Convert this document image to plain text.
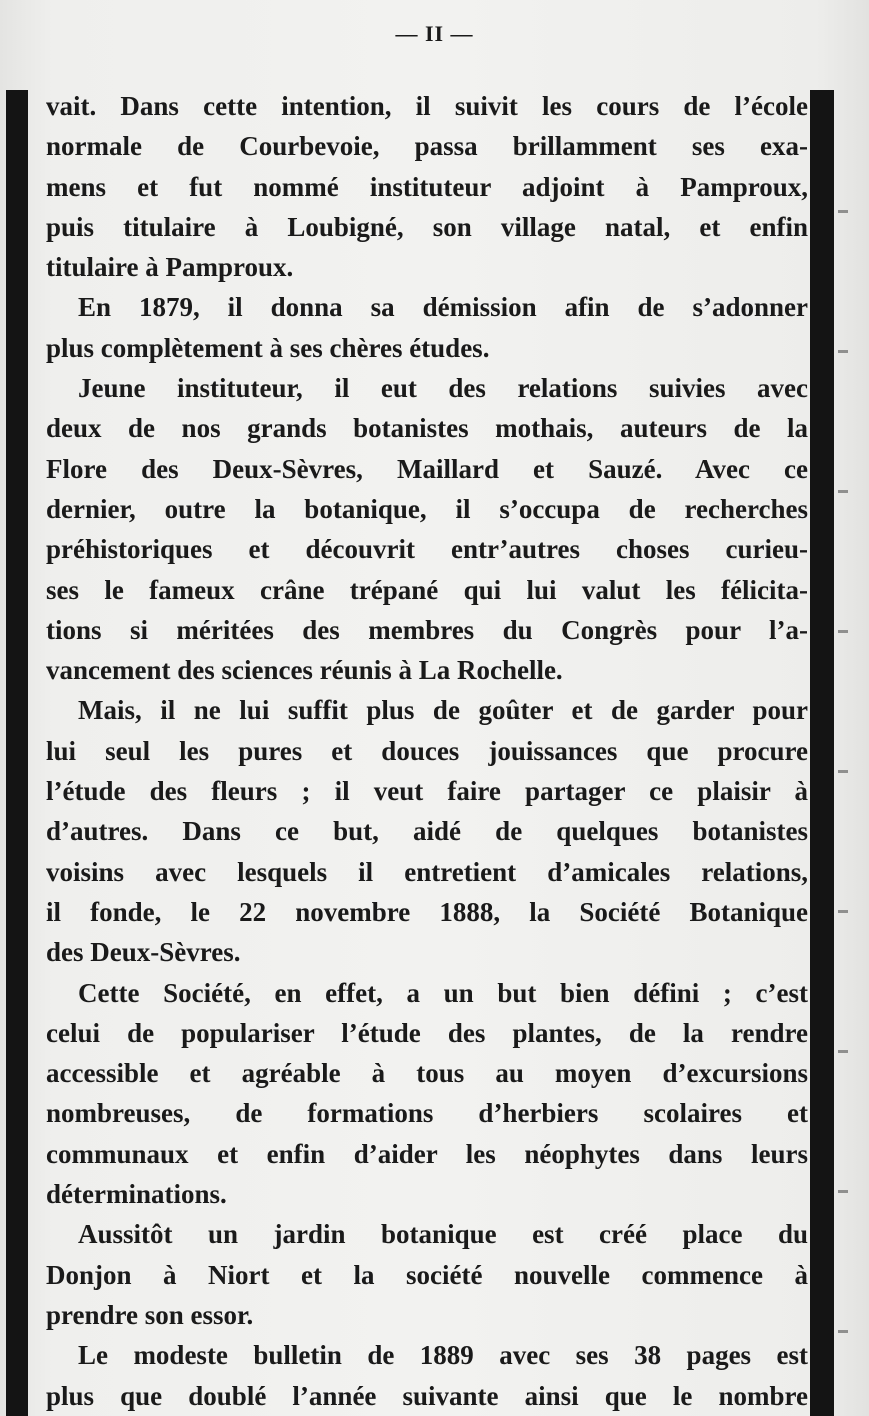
— II —
vait. Dans cette intention, il suivit les cours de l’école
normale de Courbevoie, passa brillamment ses exa-
mens et fut nommé instituteur adjoint à Pamproux,
puis titulaire à Loubigné, son village natal, et enfin
titulaire à Pamproux.
En 1879, il donna sa démission afin de s’adonner
plus complètement à ses chères études.
Jeune instituteur, il eut des relations suivies avec
deux de nos grands botanistes mothais, auteurs de la
Flore des Deux-Sèvres, Maillard et Sauzé. Avec ce
dernier, outre la botanique, il s’occupa de recherches
préhistoriques et découvrit entr’autres choses curieu-
ses le fameux crâne trépané qui lui valut les félicita-
tions si méritées des membres du Congrès pour l’a-
vancement des sciences réunis à La Rochelle.
Mais, il ne lui suffit plus de goûter et de garder pour
lui seul les pures et douces jouissances que procure
l’étude des fleurs ; il veut faire partager ce plaisir à
d’autres. Dans ce but, aidé de quelques botanistes
voisins avec lesquels il entretient d’amicales relations,
il fonde, le 22 novembre 1888, la Société Botanique
des Deux-Sèvres.
Cette Société, en effet, a un but bien défini ; c’est
celui de populariser l’étude des plantes, de la rendre
accessible et agréable à tous au moyen d’excursions
nombreuses, de formations d’herbiers scolaires et
communaux et enfin d’aider les néophytes dans leurs
déterminations.
Aussitôt un jardin botanique est créé place du
Donjon à Niort et la société nouvelle commence à
prendre son essor.
Le modeste bulletin de 1889 avec ses 38 pages est
plus que doublé l’année suivante ainsi que le nombre
